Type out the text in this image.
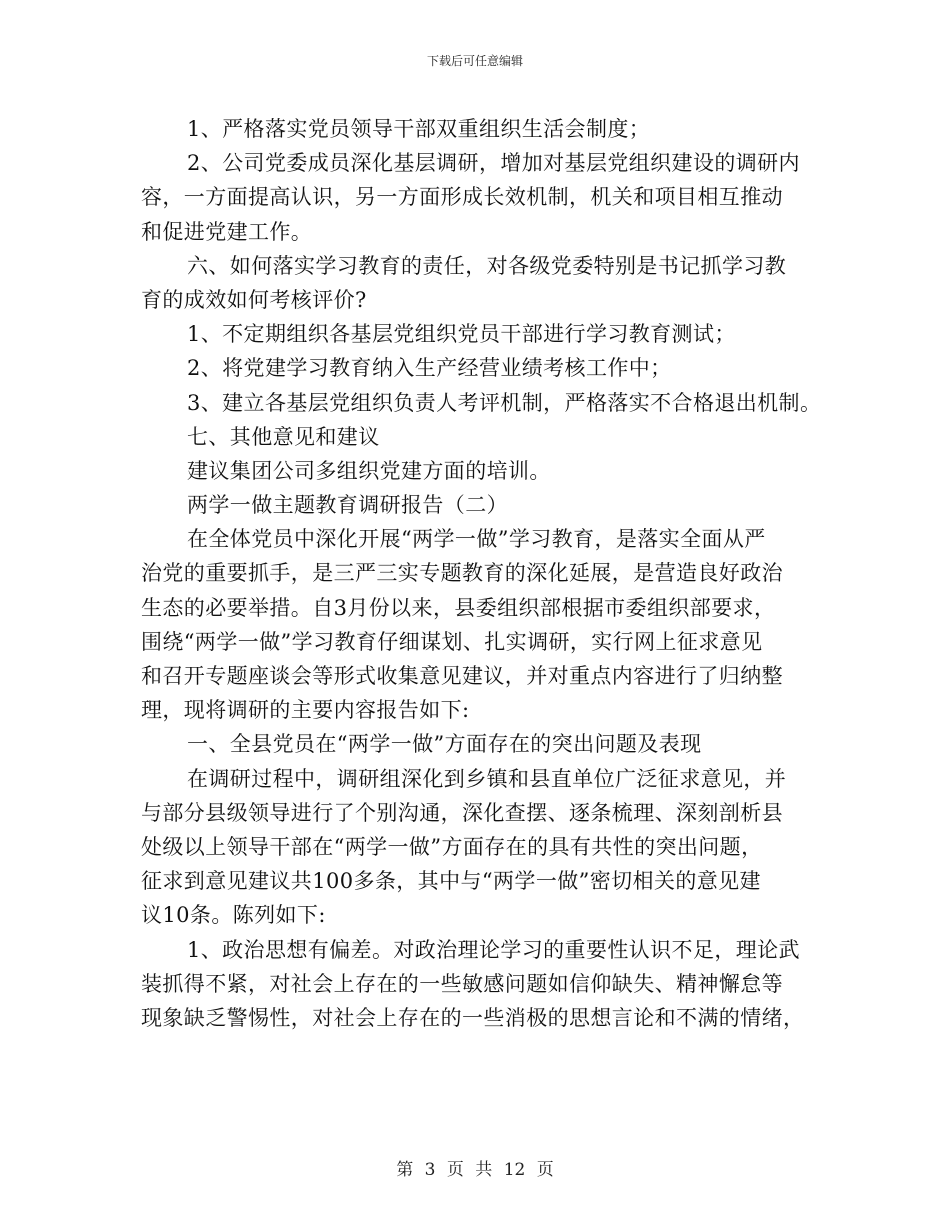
下载后可任意编辑
1、严格落实党员领导干部双重组织生活会制度；
2、公司党委成员深化基层调研，增加对基层党组织建设的调研内
容，一方面提高认识，另一方面形成长效机制，机关和项目相互推动
和促进党建工作。
六、如何落实学习教育的责任，对各级党委特别是书记抓学习教
育的成效如何考核评价?
1、不定期组织各基层党组织党员干部进行学习教育测试；
2、将党建学习教育纳入生产经营业绩考核工作中；
3、建立各基层党组织负责人考评机制，严格落实不合格退出机制。
七、其他意见和建议
建议集团公司多组织党建方面的培训。
两学一做主题教育调研报告（二）
在全体党员中深化开展“两学一做”学习教育，是落实全面从严
治党的重要抓手，是三严三实专题教育的深化延展，是营造良好政治
生态的必要举措。自3月份以来，县委组织部根据市委组织部要求，
围绕“两学一做”学习教育仔细谋划、扎实调研，实行网上征求意见
和召开专题座谈会等形式收集意见建议，并对重点内容进行了归纳整
理，现将调研的主要内容报告如下:
一、全县党员在“两学一做”方面存在的突出问题及表现
在调研过程中，调研组深化到乡镇和县直单位广泛征求意见，并
与部分县级领导进行了个别沟通，深化查摆、逐条梳理、深刻剖析县
处级以上领导干部在“两学一做”方面存在的具有共性的突出问题，
征求到意见建议共100多条，其中与“两学一做”密切相关的意见建
议10条。陈列如下:
1、政治思想有偏差。对政治理论学习的重要性认识不足，理论武
装抓得不紧，对社会上存在的一些敏感问题如信仰缺失、精神懈怠等
现象缺乏警惕性，对社会上存在的一些消极的思想言论和不满的情绪，
第 3 页 共 12 页
